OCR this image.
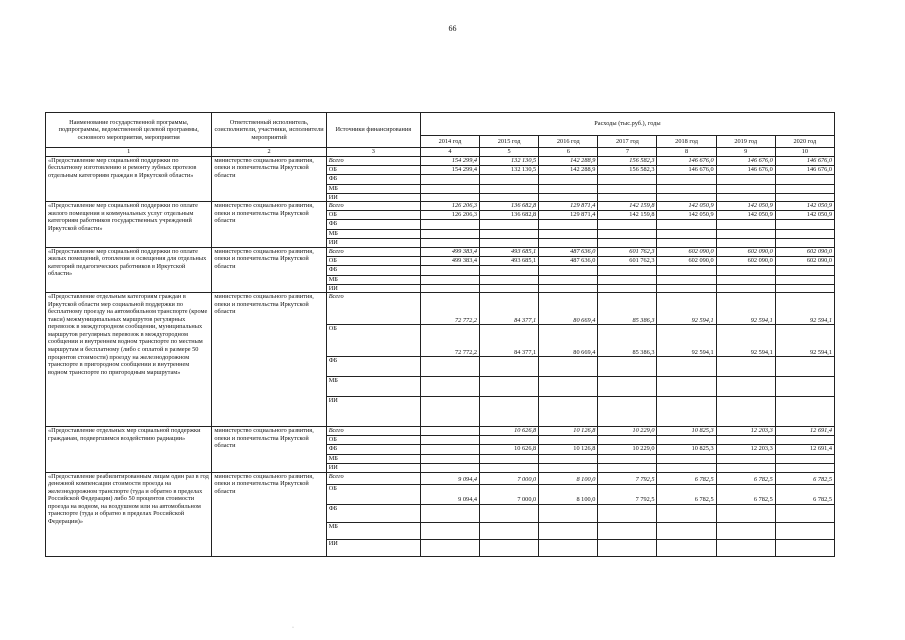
66
Наименование государственной программы, подпрограммы, ведомственной целевой программы, основного мероприятия, мероприятия	Ответственный исполнитель, соисполнители, участники, исполнители мероприятий	Источники финансирования	Расходы (тыс.руб.), годы						
			2014 год	2015 год	2016 год	2017 год	2018 год	2019 год	2020 год
1	2	3	4	5	6	7	8	9	10
«Предоставление мер социальной поддержки по бесплатному изготовлению и ремонту зубных протезов отдельным категориям граждан в Иркутской области»	министерство социального развития, опеки и попечительства Иркутской области	Всего	154 299,4	132 130,5	142 288,9	156 582,3	146 676,0	146 676,0	146 676,0
		ОБ	154 299,4	132 130,5	142 288,9	156 582,3	146 676,0	146 676,0	146 676,0
		ФБ							
		МБ							
		ИИ							
«Предоставление мер социальной поддержки по оплате жилого помещения и коммунальных услуг отдельным категориям работников государственных учреждений Иркутской области»	министерство социального развития, опеки и попечительства Иркутской области	Всего	126 206,3	136 682,8	129 871,4	142 159,8	142 050,9	142 050,9	142 050,9
		ОБ	126 206,3	136 682,8	129 871,4	142 159,8	142 050,9	142 050,9	142 050,9
		ФБ							
		МБ							
		ИИ							
«Предоставление мер социальной поддержки по оплате жилых помещений, отопления и освещения для отдельных категорий педагогических работников в Иркутской области»	министерство социального развития, опеки и попечительства Иркутской области	Всего	499 383,4	493 685,1	487 636,0	601 762,3	602 090,0	602 090,0	602 090,0
		ОБ	499 383,4	493 685,1	487 636,0	601 762,3	602 090,0	602 090,0	602 090,0
		ФБ							
		МБ							
		ИИ							
«Предоставление отдельным категориям граждан в Иркутской области мер социальной поддержки по бесплатному проезду на автомобильном транспорте (кроме такси) межмуниципальных маршрутов регулярных перевозок в междугородном сообщении, муниципальных маршрутов регулярных перевозок в междугородном сообщении и внутреннем водном транспорте по местным маршрутам и бесплатному (либо с оплатой в размере 50 процентов стоимости) проезду на железнодорожном транспорте в пригородном сообщении и внутреннем водном транспорте по пригородным маршрутам»	министерство социального развития, опеки и попечительства Иркутской области	Всего	72 772,2	84 377,1	80 669,4	85 386,3	92 594,1	92 594,1	92 594,1
		ОБ	72 772,2	84 377,1	80 669,4	85 386,3	92 594,1	92 594,1	92 594,1
		ФБ							
		МБ							
		ИИ							
«Предоставление отдельных мер социальной поддержки гражданам, подвергшимся воздействию радиации»	министерство социального развития, опеки и попечительства Иркутской области	Всего		10 626,8	10 126,8	10 229,0	10 825,3	12 203,3	12 691,4
		ОБ							
		ФБ		10 626,8	10 126,8	10 229,0	10 825,3	12 203,3	12 691,4
		МБ							
		ИИ							
«Предоставление реабилитированным лицам один раз в год денежной компенсации стоимости проезда на железнодорожном транспорте (туда и обратно в пределах Российской Федерации) либо 50 процентов стоимости проезда на водном, на воздушном или на автомобильном транспорте (туда и обратно в пределах Российской Федерации)»	министерство социального развития, опеки и попечительства Иркутской области	Всего	9 094,4	7 000,0	8 100,0	7 792,5	6 782,5	6 782,5	6 782,5
		ОБ	9 094,4	7 000,0	8 100,0	7 792,5	6 782,5	6 782,5	6 782,5
		ФБ							
		МБ							
		ИИ							
·
